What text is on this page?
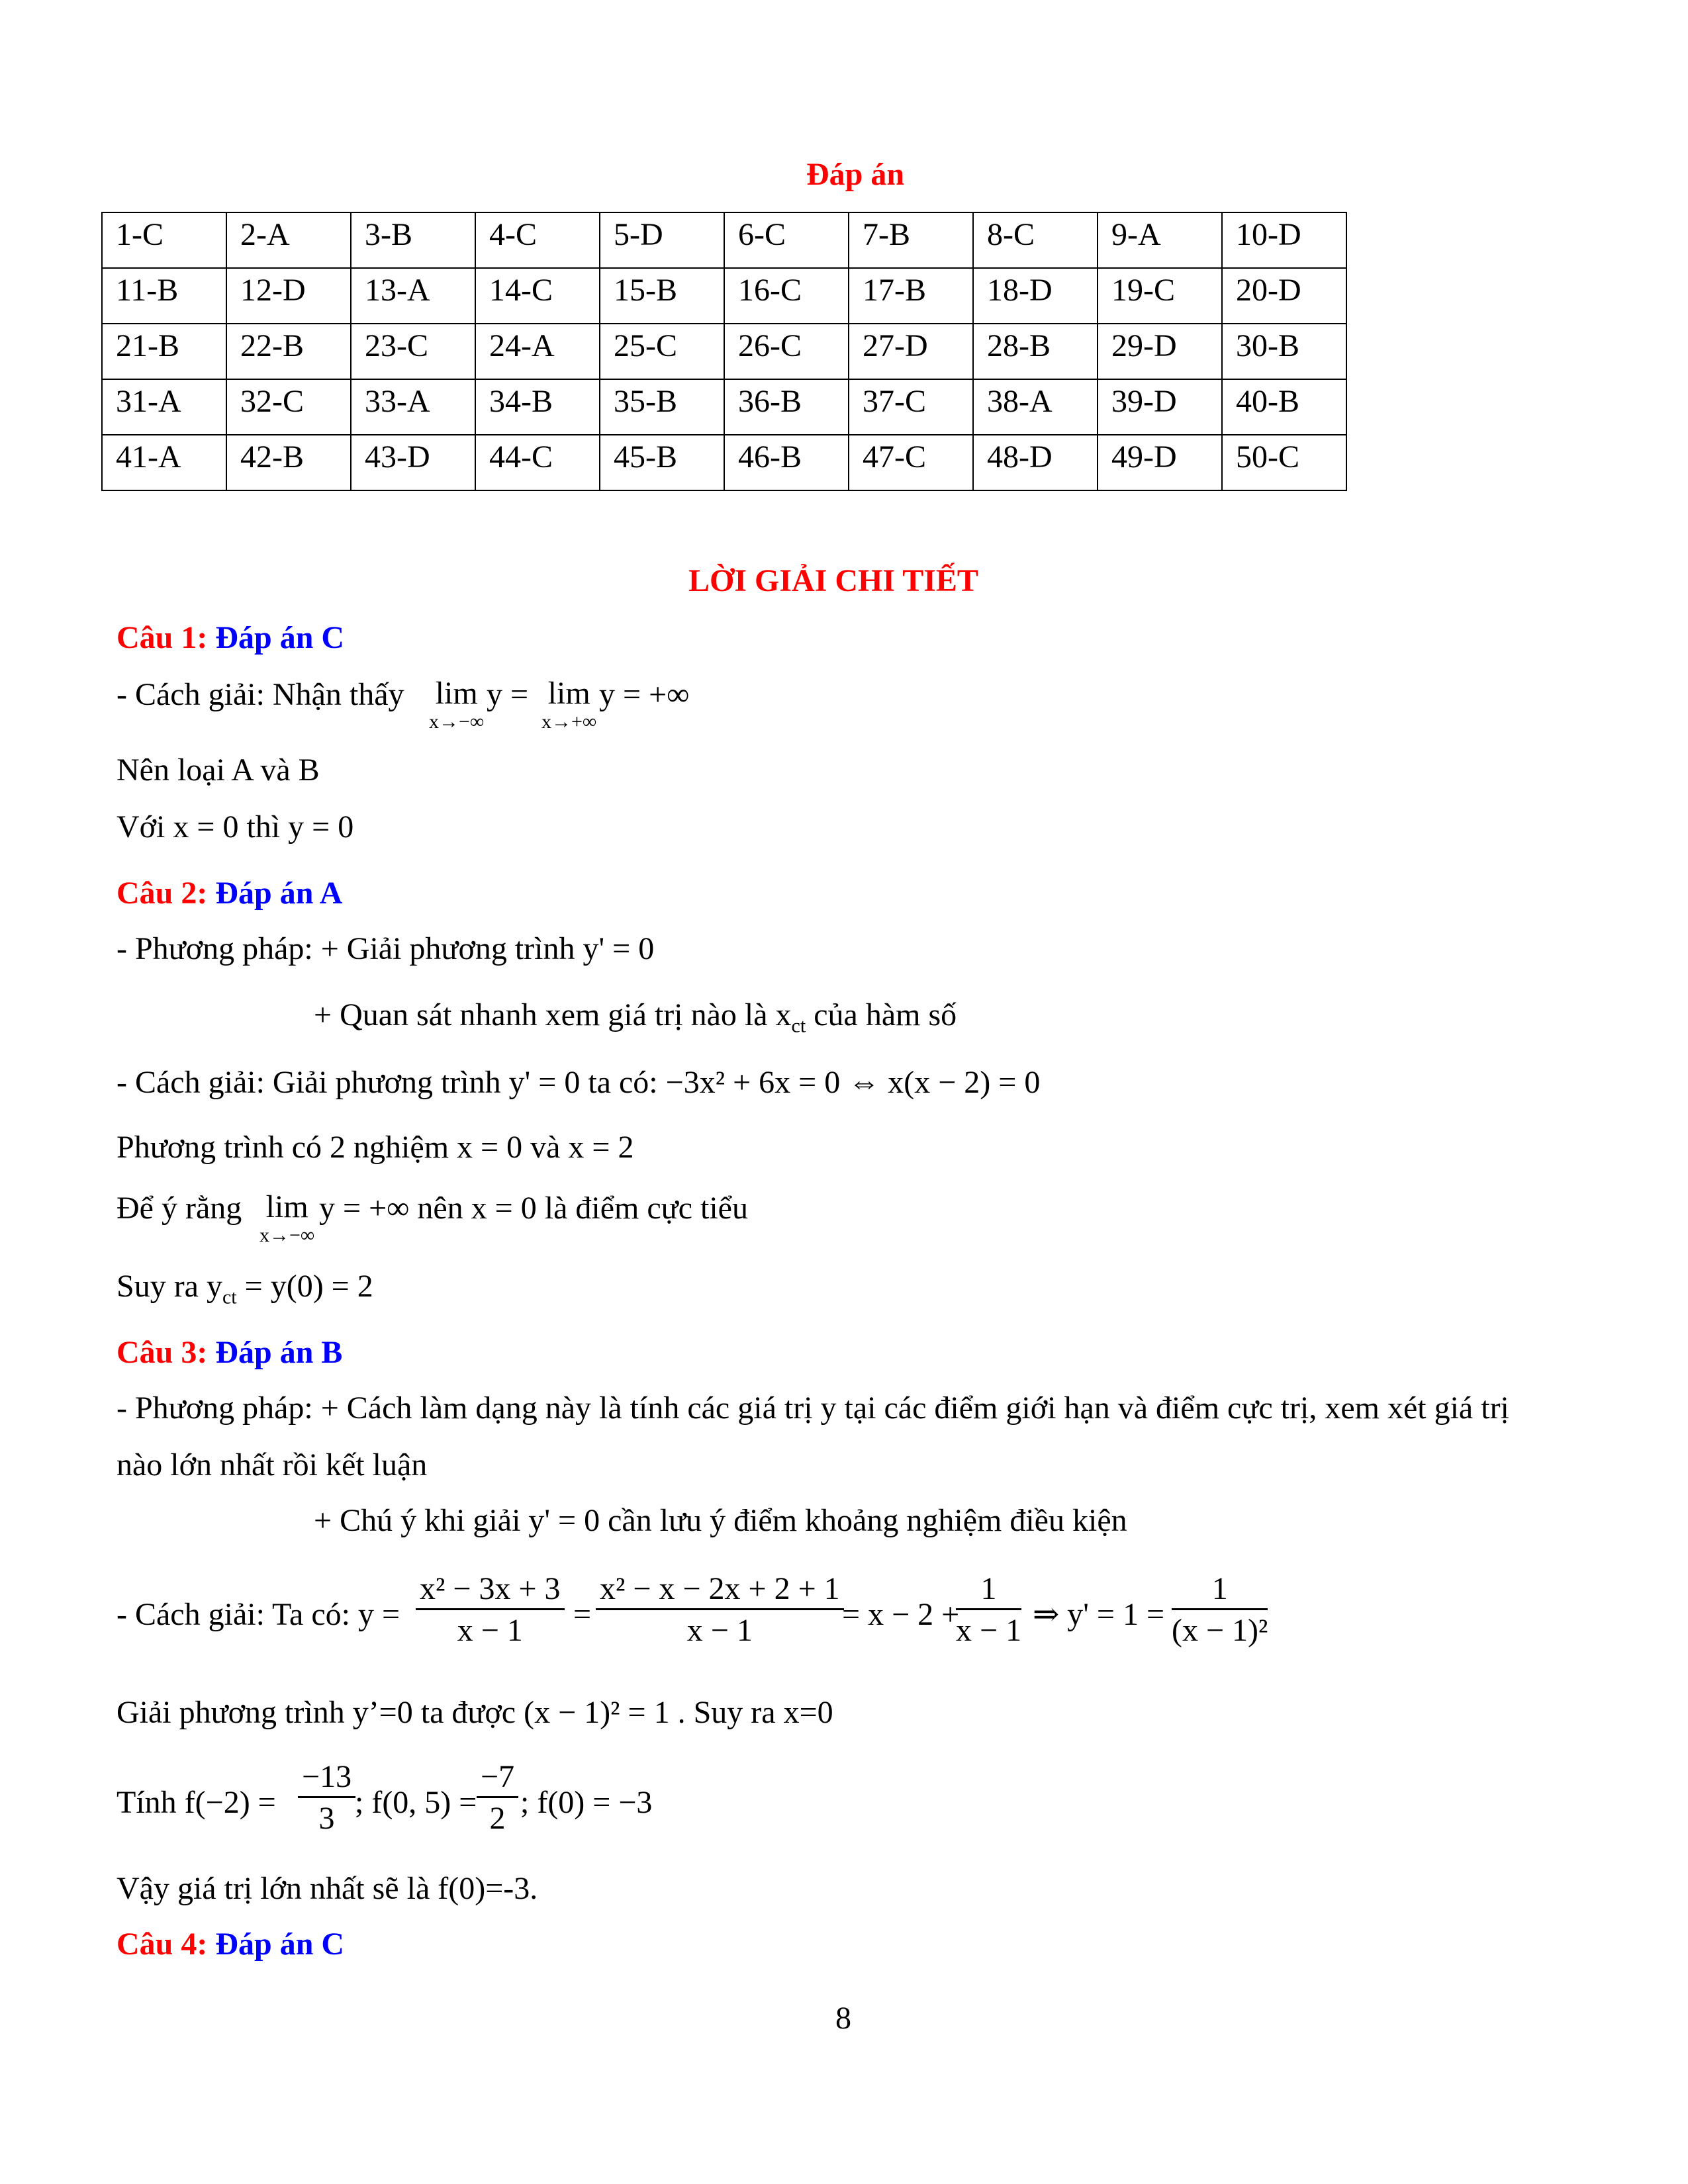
Đáp án
1-C	2-A	3-B	4-C	5-D	6-C	7-B	8-C	9-A	10-D
11-B	12-D	13-A	14-C	15-B	16-C	17-B	18-D	19-C	20-D
21-B	22-B	23-C	24-A	25-C	26-C	27-D	28-B	29-D	30-B
31-A	32-C	33-A	34-B	35-B	36-B	37-C	38-A	39-D	40-B
41-A	42-B	43-D	44-C	45-B	46-B	47-C	48-D	49-D	50-C
LỜI GIẢI CHI TIẾT
Câu 1: Đáp án C
- Cách giải: Nhận thấy lim
x→−∞
y = lim
x→+∞
y = +∞
Nên loại A và B
Với x = 0 thì y = 0
Câu 2: Đáp án A
- Phương pháp: + Giải phương trình y' = 0
+ Quan sát nhanh xem giá trị nào là $x_{ct}$ của hàm số
- Cách giải: Giải phương trình y' = 0 ta có: −3x² + 6x = 0 ⇔ x(x − 2) = 0
Phương trình có 2 nghiệm x = 0 và x = 2
Để ý rằng lim
x→−∞
y = +∞ nên x = 0 là điểm cực tiểu
Suy ra $y_{ct} = y(0) = 2$
Câu 3: Đáp án B
- Phương pháp: + Cách làm dạng này là tính các giá trị y tại các điểm giới hạn và điểm cực trị, xem xét giá trị
nào lớn nhất rồi kết luận
+ Chú ý khi giải y' = 0 cần lưu ý điểm khoảng nghiệm điều kiện
- Cách giải: Ta có: $y = \frac{\text{x² − 3x + 3}}{x - 1} = \frac{\text{x² − x − 2x + 2 + 1}}{x - 1}$
= x − 2 +
$\frac{1}{x - 1}$ ⇒ $y' = 1 = \frac{1}{\text{(x − 1)²}}$
Giải phương trình y’=0 ta được (x − 1)² = 1 . Suy ra x=0
Tính $f(-2) = \frac{-13}{3}$
; f(0, $5) = \frac{-7}{2}$ ; f(0) = −3
Vậy giá trị lớn nhất sẽ là f(0)=-3.
Câu 4: Đáp án C
8
